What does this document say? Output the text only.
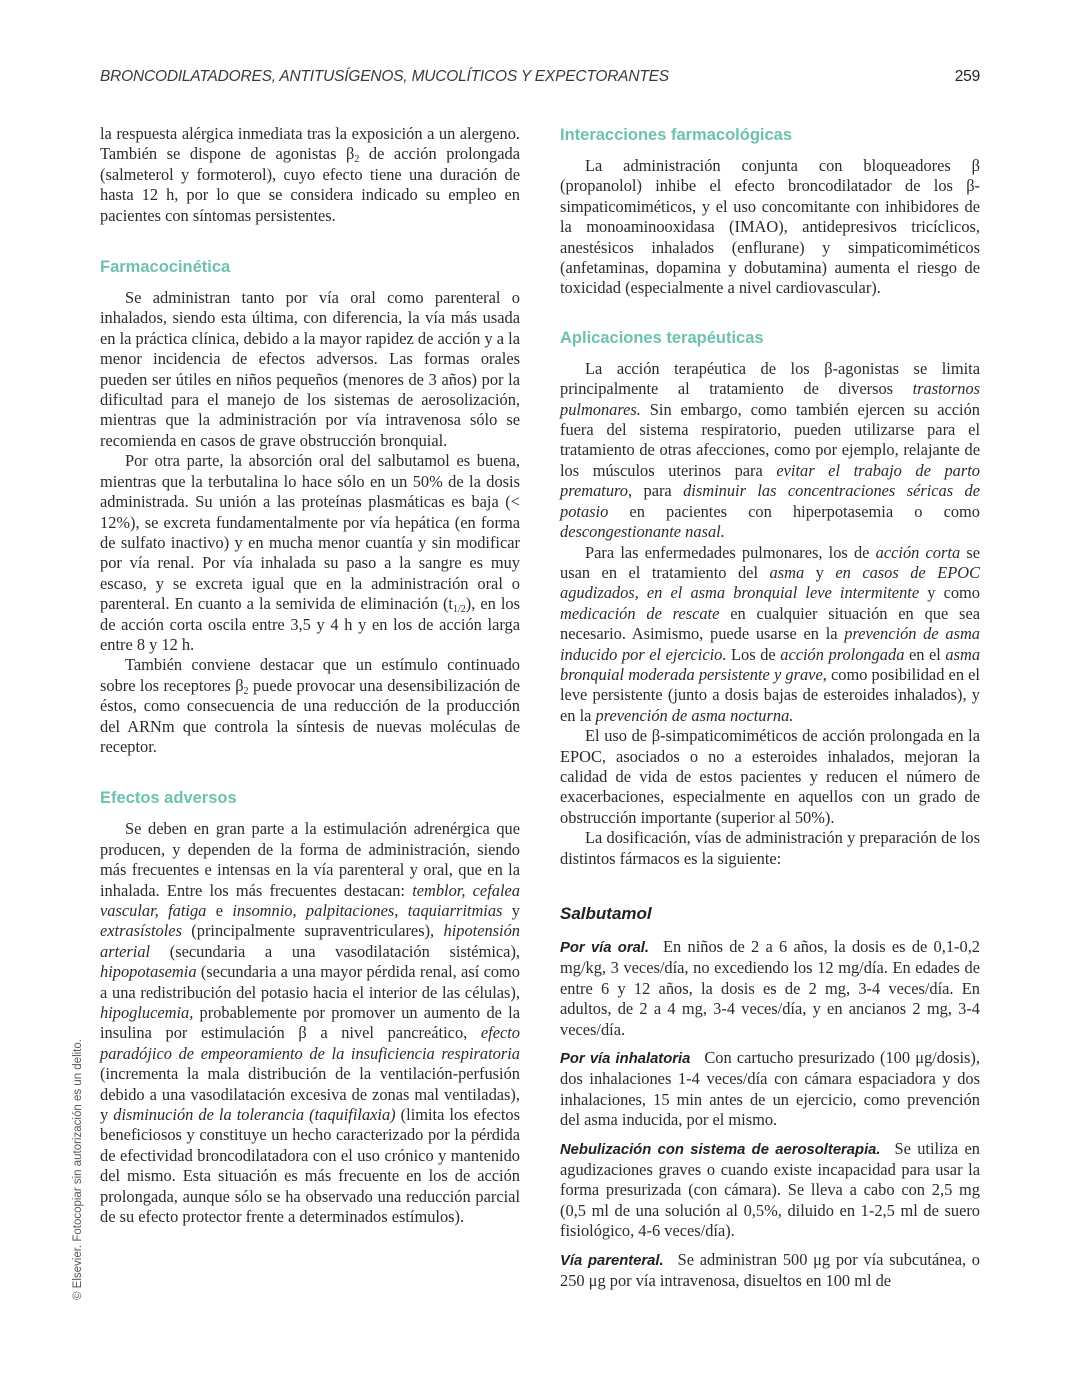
BRONCODILATADORES, ANTITUSÍGENOS, MUCOLÍTICOS Y EXPECTORANTES	259
© Elsevier. Fotocopiar sin autorización es un delito.

la respuesta alérgica inmediata tras la exposición a un alergeno. También se dispone de agonistas $\beta_2$ de acción prolongada (salmeterol y formoterol), cuyo efecto tiene una duración de hasta 12 h, por lo que se considera indicado su empleo en pacientes con síntomas persistentes.

Farmacocinética

Se administran tanto por vía oral como parenteral o inhalados, siendo esta última, con diferencia, la vía más usada en la práctica clínica, debido a la mayor rapidez de acción y a la menor incidencia de efectos adversos. Las formas orales pueden ser útiles en niños pequeños (menores de 3 años) por la dificultad para el manejo de los sistemas de aerosolización, mientras que la administración por vía intravenosa sólo se recomienda en casos de grave obstrucción bronquial.

Por otra parte, la absorción oral del salbutamol es buena, mientras que la terbutalina lo hace sólo en un 50% de la dosis administrada. Su unión a las proteínas plasmáticas es baja (< 12%), se excreta fundamentalmente por vía hepática (en forma de sulfato inactivo) y en mucha menor cuantía y sin modificar por vía renal. Por vía inhalada su paso a la sangre es muy escaso, y se excreta igual que en la administración oral o parenteral. En cuanto a la semivida de eliminación $(t_{1/2})$, en los de acción corta oscila entre 3,5 y 4 h y en los de acción larga entre 8 y 12 h.

También conviene destacar que un estímulo continuado sobre los receptores $\beta_2$ puede provocar una desensibilización de éstos, como consecuencia de una reducción de la producción del ARNm que controla la síntesis de nuevas moléculas de receptor.

Efectos adversos

Se deben en gran parte a la estimulación adrenérgica que producen, y dependen de la forma de administración, siendo más frecuentes e intensas en la vía parenteral y oral, que en la inhalada. Entre los más frecuentes destacan: temblor, cefalea vascular, fatiga e insomnio, palpitaciones, taquiarritmias y extrasístoles (principalmente supraventriculares), hipotensión arterial (secundaria a una vasodilatación sistémica), hipopotasemia (secundaria a una mayor pérdida renal, así como a una redistribución del potasio hacia el interior de las células), hipoglucemia, probablemente por promover un aumento de la insulina por estimulación β a nivel pancreático, efecto paradójico de empeoramiento de la insuficiencia respiratoria (incrementa la mala distribución de la ventilación-perfusión debido a una vasodilatación excesiva de zonas mal ventiladas), y disminución de la tolerancia (taquifilaxia) (limita los efectos beneficiosos y constituye un hecho caracterizado por la pérdida de efectividad broncodilatadora con el uso crónico y mantenido del mismo. Esta situación es más frecuente en los de acción prolongada, aunque sólo se ha observado una reducción parcial de su efecto protector frente a determinados estímulos).

Interacciones farmacológicas

La administración conjunta con bloqueadores β (propanolol) inhibe el efecto broncodilatador de los β-simpaticomiméticos, y el uso concomitante con inhibidores de la monoaminooxidasa (IMAO), antidepresivos tricíclicos, anestésicos inhalados (enflurane) y simpaticomiméticos (anfetaminas, dopamina y dobutamina) aumenta el riesgo de toxicidad (especialmente a nivel cardiovascular).

Aplicaciones terapéuticas

La acción terapéutica de los β-agonistas se limita principalmente al tratamiento de diversos trastornos pulmonares. Sin embargo, como también ejercen su acción fuera del sistema respiratorio, pueden utilizarse para el tratamiento de otras afecciones, como por ejemplo, relajante de los músculos uterinos para evitar el trabajo de parto prematuro, para disminuir las concentraciones séricas de potasio en pacientes con hiperpotasemia o como descongestionante nasal.

Para las enfermedades pulmonares, los de acción corta se usan en el tratamiento del asma y en casos de EPOC agudizados, en el asma bronquial leve intermitente y como medicación de rescate en cualquier situación en que sea necesario. Asimismo, puede usarse en la prevención de asma inducido por el ejercicio. Los de acción prolongada en el asma bronquial moderada persistente y grave, como posibilidad en el leve persistente (junto a dosis bajas de esteroides inhalados), y en la prevención de asma nocturna.

El uso de β-simpaticomiméticos de acción prolongada en la EPOC, asociados o no a esteroides inhalados, mejoran la calidad de vida de estos pacientes y reducen el número de exacerbaciones, especialmente en aquellos con un grado de obstrucción importante (superior al 50%).

La dosificación, vías de administración y preparación de los distintos fármacos es la siguiente:

Salbutamol

Por vía oral. En niños de 2 a 6 años, la dosis es de 0,1-0,2 mg/kg, 3 veces/día, no excediendo los 12 mg/día. En edades de entre 6 y 12 años, la dosis es de 2 mg, 3-4 veces/día. En adultos, de 2 a 4 mg, 3-4 veces/día, y en ancianos 2 mg, 3-4 veces/día.

Por vía inhalatoria Con cartucho presurizado (100 μg/dosis), dos inhalaciones 1-4 veces/día con cámara espaciadora y dos inhalaciones, 15 min antes de un ejercicio, como prevención del asma inducida, por el mismo.

Nebulización con sistema de aerosolterapia. Se utiliza en agudizaciones graves o cuando existe incapacidad para usar la forma presurizada (con cámara). Se lleva a cabo con 2,5 mg (0,5 ml de una solución al 0,5%, diluido en 1-2,5 ml de suero fisiológico, 4-6 veces/día).

Vía parenteral. Se administran 500 μg por vía subcutánea, o 250 μg por vía intravenosa, disueltos en 100 ml de
